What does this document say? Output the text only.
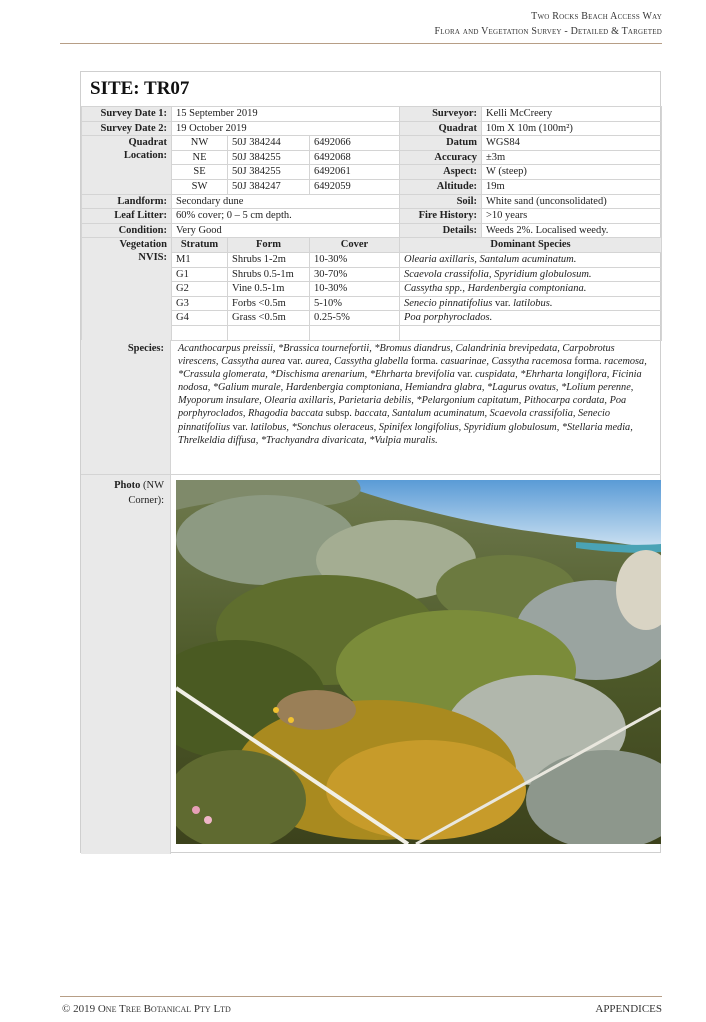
Two Rocks Beach Access Way
Flora and Vegetation Survey - Detailed & Targeted
SITE: TR07
Survey Date 1:	15 September 2019			Surveyor:	Kelli McCreery
Survey Date 2:	19 October 2019			Quadrat	10m X 10m (100m²)

Quadrat
Location:	NW	50J 384244	6492066	Datum	WGS84
	NE	50J 384255	6492068	Accuracy	±3m
	SE	50J 384255	6492061	Aspect:	W (steep)
	SW	50J 384247	6492059	Altitude:	19m
Landform:	Secondary dune			Soil:	White sand (unconsolidated)
Leaf Litter:	60% cover; 0 – 5 cm depth.			Fire History:	>10 years
Condition:	Very Good			Details:	Weeds 2%. Localised weedy.

Vegetation
NVIS:	Stratum	Form	Cover	Dominant Species	
	M1	Shrubs 1-2m	10-30%	Olearia axillaris, Santalum acuminatum.	
	G1	Shrubs 0.5-1m	30-70%	Scaevola crassifolia, Spyridium globulosum.	
	G2	Vine 0.5-1m	10-30%	Cassytha spp., Hardenbergia comptoniana.	
	G3	Forbs <0.5m	5-10%	Senecio pinnatifolius var. latilobus.	
	G4	Grass <0.5m	0.25-5%	Poa porphyroclados.	

Species: Acanthocarpus preissii, *Brassica tournefortii, *Bromus diandrus, Calandrinia brevipedata, Carpobrotus virescens, Cassytha aurea var. aurea, Cassytha glabella forma. casuarinae, Cassytha racemosa forma. racemosa, *Crassula glomerata, *Dischisma arenarium, *Ehrharta brevifolia var. cuspidata, *Ehrharta longiflora, Ficinia nodosa, *Galium murale, Hardenbergia comptoniana, Hemiandra glabra, *Lagurus ovatus, *Lolium perenne, Myoporum insulare, Olearia axillaris, Parietaria debilis, *Pelargonium capitatum, Pithocarpa cordata, Poa porphyroclados, Rhagodia baccata subsp. baccata, Santalum acuminatum, Scaevola crassifolia, Senecio pinnatifolius var. latilobus, *Sonchus oleraceus, Spinifex longifolius, Spyridium globulosum, *Stellaria media, Threlkeldia diffusa, *Trachyandra divaricata, *Vulpia muralis.
Photo (NW Corner):
© 2019 One Tree Botanical Pty Ltd	APPENDICES
